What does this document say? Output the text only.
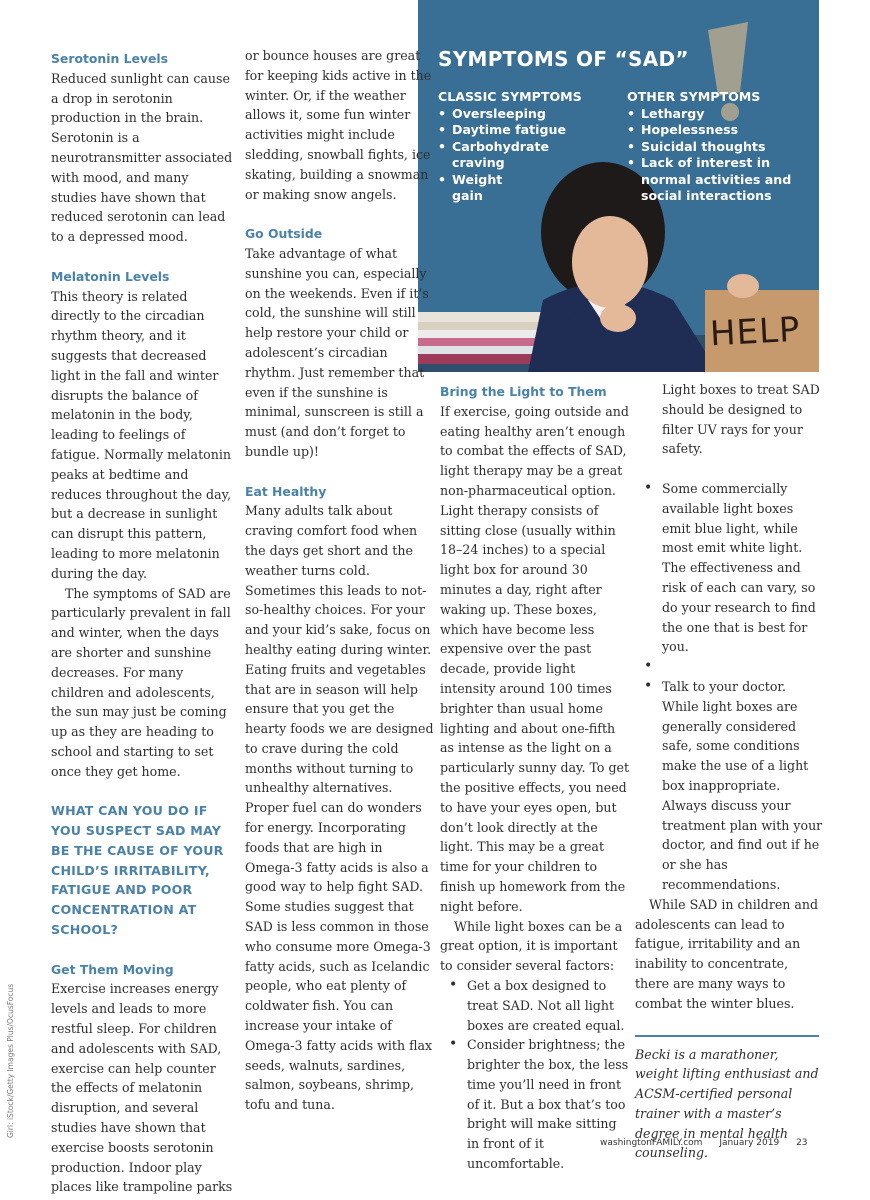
SYMPTOMS OF “SAD”
CLASSIC SYMPTOMS
• Oversleeping
• Daytime fatigue
• Carbohydrate craving
• Weight gain
OTHER SYMPTOMS
• Lethargy
• Hopelessness
• Suicidal thoughts
• Lack of interest in normal activities and social interactions
HELP

Serotonin Levels

Reduced sunlight can cause a drop in serotonin production in the brain. Serotonin is a neurotransmitter associated with mood, and many studies have shown that reduced serotonin can lead to a depressed mood.

Melatonin Levels

This theory is related directly to the circadian rhythm theory, and it suggests that decreased light in the fall and winter disrupts the balance of melatonin in the body, leading to feelings of fatigue. Normally melatonin peaks at bedtime and reduces throughout the day, but a decrease in sunlight can disrupt this pattern, leading to more melatonin during the day.

The symptoms of SAD are particularly prevalent in fall and winter, when the days are shorter and sunshine decreases. For many children and adolescents, the sun may just be coming up as they are heading to school and starting to set once they get home.

WHAT CAN YOU DO IF YOU SUSPECT SAD MAY BE THE CAUSE OF YOUR CHILD’S IRRITABILITY, FATIGUE AND POOR CONCENTRATION AT SCHOOL?

Get Them Moving

Exercise increases energy levels and leads to more restful sleep. For children and adolescents with SAD, exercise can help counter the effects of melatonin disruption, and several studies have shown that exercise boosts serotonin production. Indoor play places like trampoline parks

or bounce houses are great for keeping kids active in the winter. Or, if the weather allows it, some fun winter activities might include sledding, snowball fights, ice skating, building a snowman or making snow angels.

Go Outside

Take advantage of what sunshine you can, especially on the weekends. Even if it’s cold, the sunshine will still help restore your child or adolescent’s circadian rhythm. Just remember that even if the sunshine is minimal, sunscreen is still a must (and don’t forget to bundle up)!

Eat Healthy

Many adults talk about craving comfort food when the days get short and the weather turns cold. Sometimes this leads to not-so-healthy choices. For your and your kid’s sake, focus on healthy eating during winter. Eating fruits and vegetables that are in season will help ensure that you get the hearty foods we are designed to crave during the cold months without turning to unhealthy alternatives. Proper fuel can do wonders for energy. Incorporating foods that are high in Omega-3 fatty acids is also a good way to help fight SAD. Some studies suggest that SAD is less common in those who consume more Omega-3 fatty acids, such as Icelandic people, who eat plenty of coldwater fish. You can increase your intake of Omega-3 fatty acids with flax seeds, walnuts, sardines, salmon, soybeans, shrimp, tofu and tuna.

Bring the Light to Them

If exercise, going outside and eating healthy aren’t enough to combat the effects of SAD, light therapy may be a great non-pharmaceutical option. Light therapy consists of sitting close (usually within 18–24 inches) to a special light box for around 30 minutes a day, right after waking up. These boxes, which have become less expensive over the past decade, provide light intensity around 100 times brighter than usual home lighting and about one-fifth as intense as the light on a particularly sunny day. To get the positive effects, you need to have your eyes open, but don’t look directly at the light. This may be a great time for your children to finish up homework from the night before.

While light boxes can be a great option, it is important to consider several factors:

• Get a box designed to treat SAD. Not all light boxes are created equal.
• Consider brightness; the brighter the box, the less time you’ll need in front of it. But a box that’s too bright will make sitting in front of it uncomfortable.

Light boxes to treat SAD should be designed to filter UV rays for your safety.

• Some commercially available light boxes emit blue light, while most emit white light. The effectiveness and risk of each can vary, so do your research to find the one that is best for you.
•
• Talk to your doctor. While light boxes are generally considered safe, some conditions make the use of a light box inappropriate. Always discuss your treatment plan with your doctor, and find out if he or she has recommendations.

While SAD in children and adolescents can lead to fatigue, irritability and an inability to concentrate, there are many ways to combat the winter blues.

Becki is a marathoner, weight lifting enthusiast and ACSM-certified personal trainer with a master’s degree in mental health counseling.

washingtonFAMILY.com January 2019 23
Girl: iStock/Getty Images Plus/OcusFocus
